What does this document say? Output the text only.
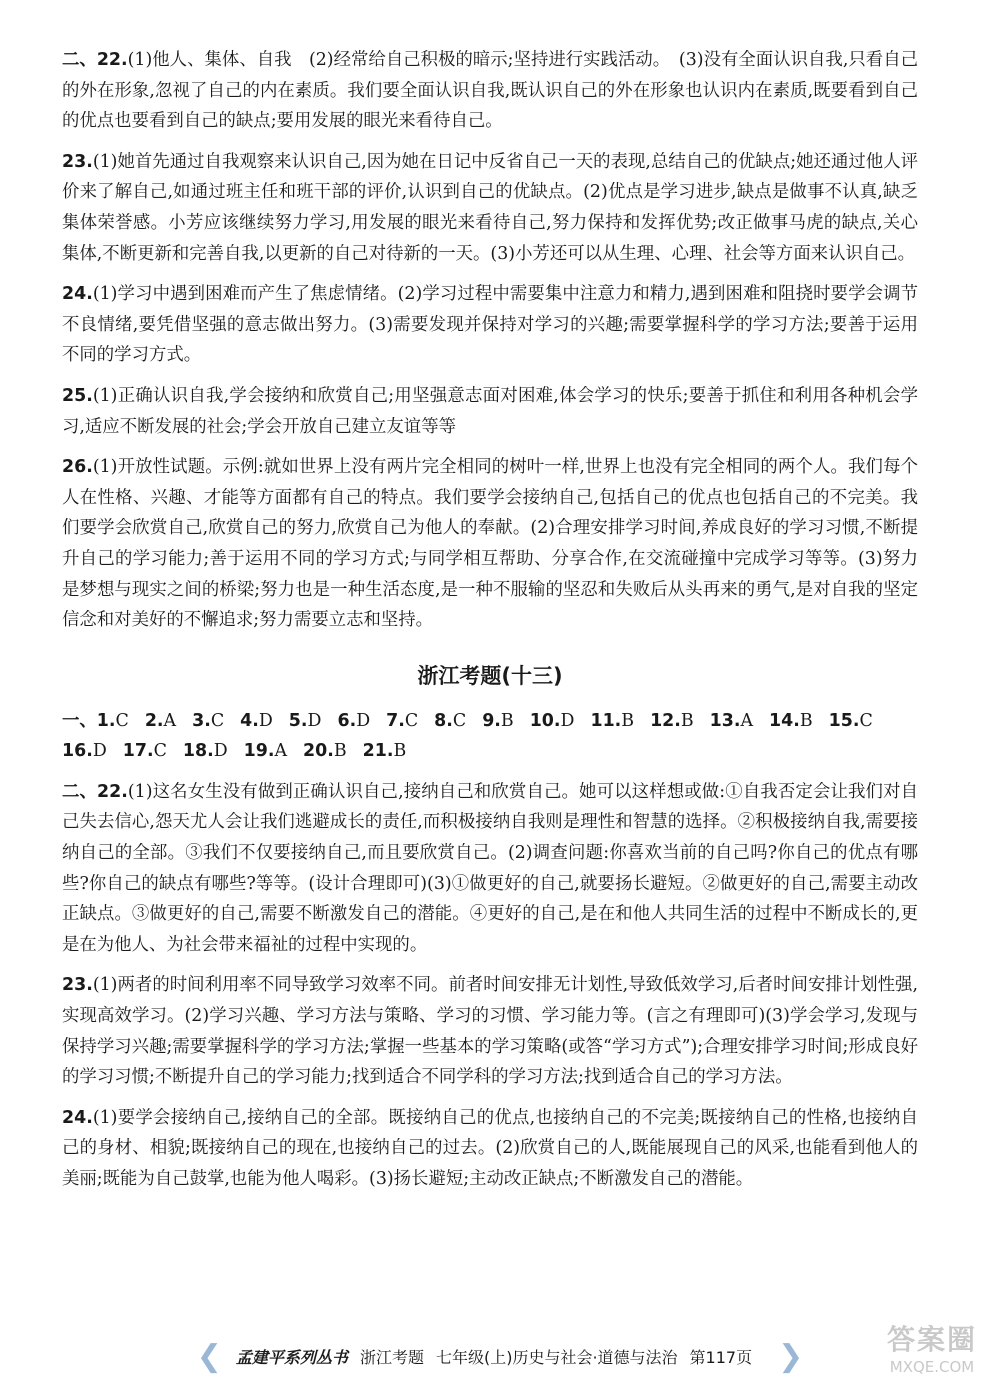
二、22.(1)他人、集体、自我　(2)经常给自己积极的暗示;坚持进行实践活动。　(3)没有全面认识自我,只看自己的外在形象,忽视了自己的内在素质。我们要全面认识自我,既认识自己的外在形象也认识内在素质,既要看到自己的优点也要看到自己的缺点;要用发展的眼光来看待自己。

23.(1)她首先通过自我观察来认识自己,因为她在日记中反省自己一天的表现,总结自己的优缺点;她还通过他人评价来了解自己,如通过班主任和班干部的评价,认识到自己的优缺点。(2)优点是学习进步,缺点是做事不认真,缺乏集体荣誉感。小芳应该继续努力学习,用发展的眼光来看待自己,努力保持和发挥优势;改正做事马虎的缺点,关心集体,不断更新和完善自我,以更新的自己对待新的一天。(3)小芳还可以从生理、心理、社会等方面来认识自己。

24.(1)学习中遇到困难而产生了焦虑情绪。(2)学习过程中需要集中注意力和精力,遇到困难和阻挠时要学会调节不良情绪,要凭借坚强的意志做出努力。(3)需要发现并保持对学习的兴趣;需要掌握科学的学习方法;要善于运用不同的学习方式。

25.(1)正确认识自我,学会接纳和欣赏自己;用坚强意志面对困难,体会学习的快乐;要善于抓住和利用各种机会学习,适应不断发展的社会;学会开放自己建立友谊等等

26.(1)开放性试题。示例:就如世界上没有两片完全相同的树叶一样,世界上也没有完全相同的两个人。我们每个人在性格、兴趣、才能等方面都有自己的特点。我们要学会接纳自己,包括自己的优点也包括自己的不完美。我们要学会欣赏自己,欣赏自己的努力,欣赏自己为他人的奉献。(2)合理安排学习时间,养成良好的学习习惯,不断提升自己的学习能力;善于运用不同的学习方式;与同学相互帮助、分享合作,在交流碰撞中完成学习等等。(3)努力是梦想与现实之间的桥梁;努力也是一种生活态度,是一种不服输的坚忍和失败后从头再来的勇气,是对自我的坚定信念和对美好的不懈追求;努力需要立志和坚持。

浙江考题(十三)
一、1.C 2.A 3.C 4.D 5.D 6.D 7.C 8.C 9.B 10.D 11.B 12.B 13.A 14.B 15.C16.D 17.C 18.D 19.A 20.B 21.B

二、22.(1)这名女生没有做到正确认识自己,接纳自己和欣赏自己。她可以这样想或做:①自我否定会让我们对自己失去信心,怨天尤人会让我们逃避成长的责任,而积极接纳自我则是理性和智慧的选择。②积极接纳自我,需要接纳自己的全部。③我们不仅要接纳自己,而且要欣赏自己。(2)调查问题:你喜欢当前的自己吗?你自己的优点有哪些?你自己的缺点有哪些?等等。(设计合理即可)(3)①做更好的自己,就要扬长避短。②做更好的自己,需要主动改正缺点。③做更好的自己,需要不断激发自己的潜能。④更好的自己,是在和他人共同生活的过程中不断成长的,更是在为他人、为社会带来福祉的过程中实现的。

23.(1)两者的时间利用率不同导致学习效率不同。前者时间安排无计划性,导致低效学习,后者时间安排计划性强,实现高效学习。(2)学习兴趣、学习方法与策略、学习的习惯、学习能力等。(言之有理即可)(3)学会学习,发现与保持学习兴趣;需要掌握科学的学习方法;掌握一些基本的学习策略(或答“学习方式”);合理安排学习时间;形成良好的学习习惯;不断提升自己的学习能力;找到适合不同学科的学习方法;找到适合自己的学习方法。

24.(1)要学会接纳自己,接纳自己的全部。既接纳自己的优点,也接纳自己的不完美;既接纳自己的性格,也接纳自己的身材、相貌;既接纳自己的现在,也接纳自己的过去。(2)欣赏自己的人,既能展现自己的风采,也能看到他人的美丽;既能为自己鼓掌,也能为他人喝彩。(3)扬长避短;主动改正缺点;不断激发自己的潜能。

❮ 孟建平系列丛书 浙江考题 七年级(上)历史与社会·道德与法治 第117页 ❯	答案圈
MXQE.COM
